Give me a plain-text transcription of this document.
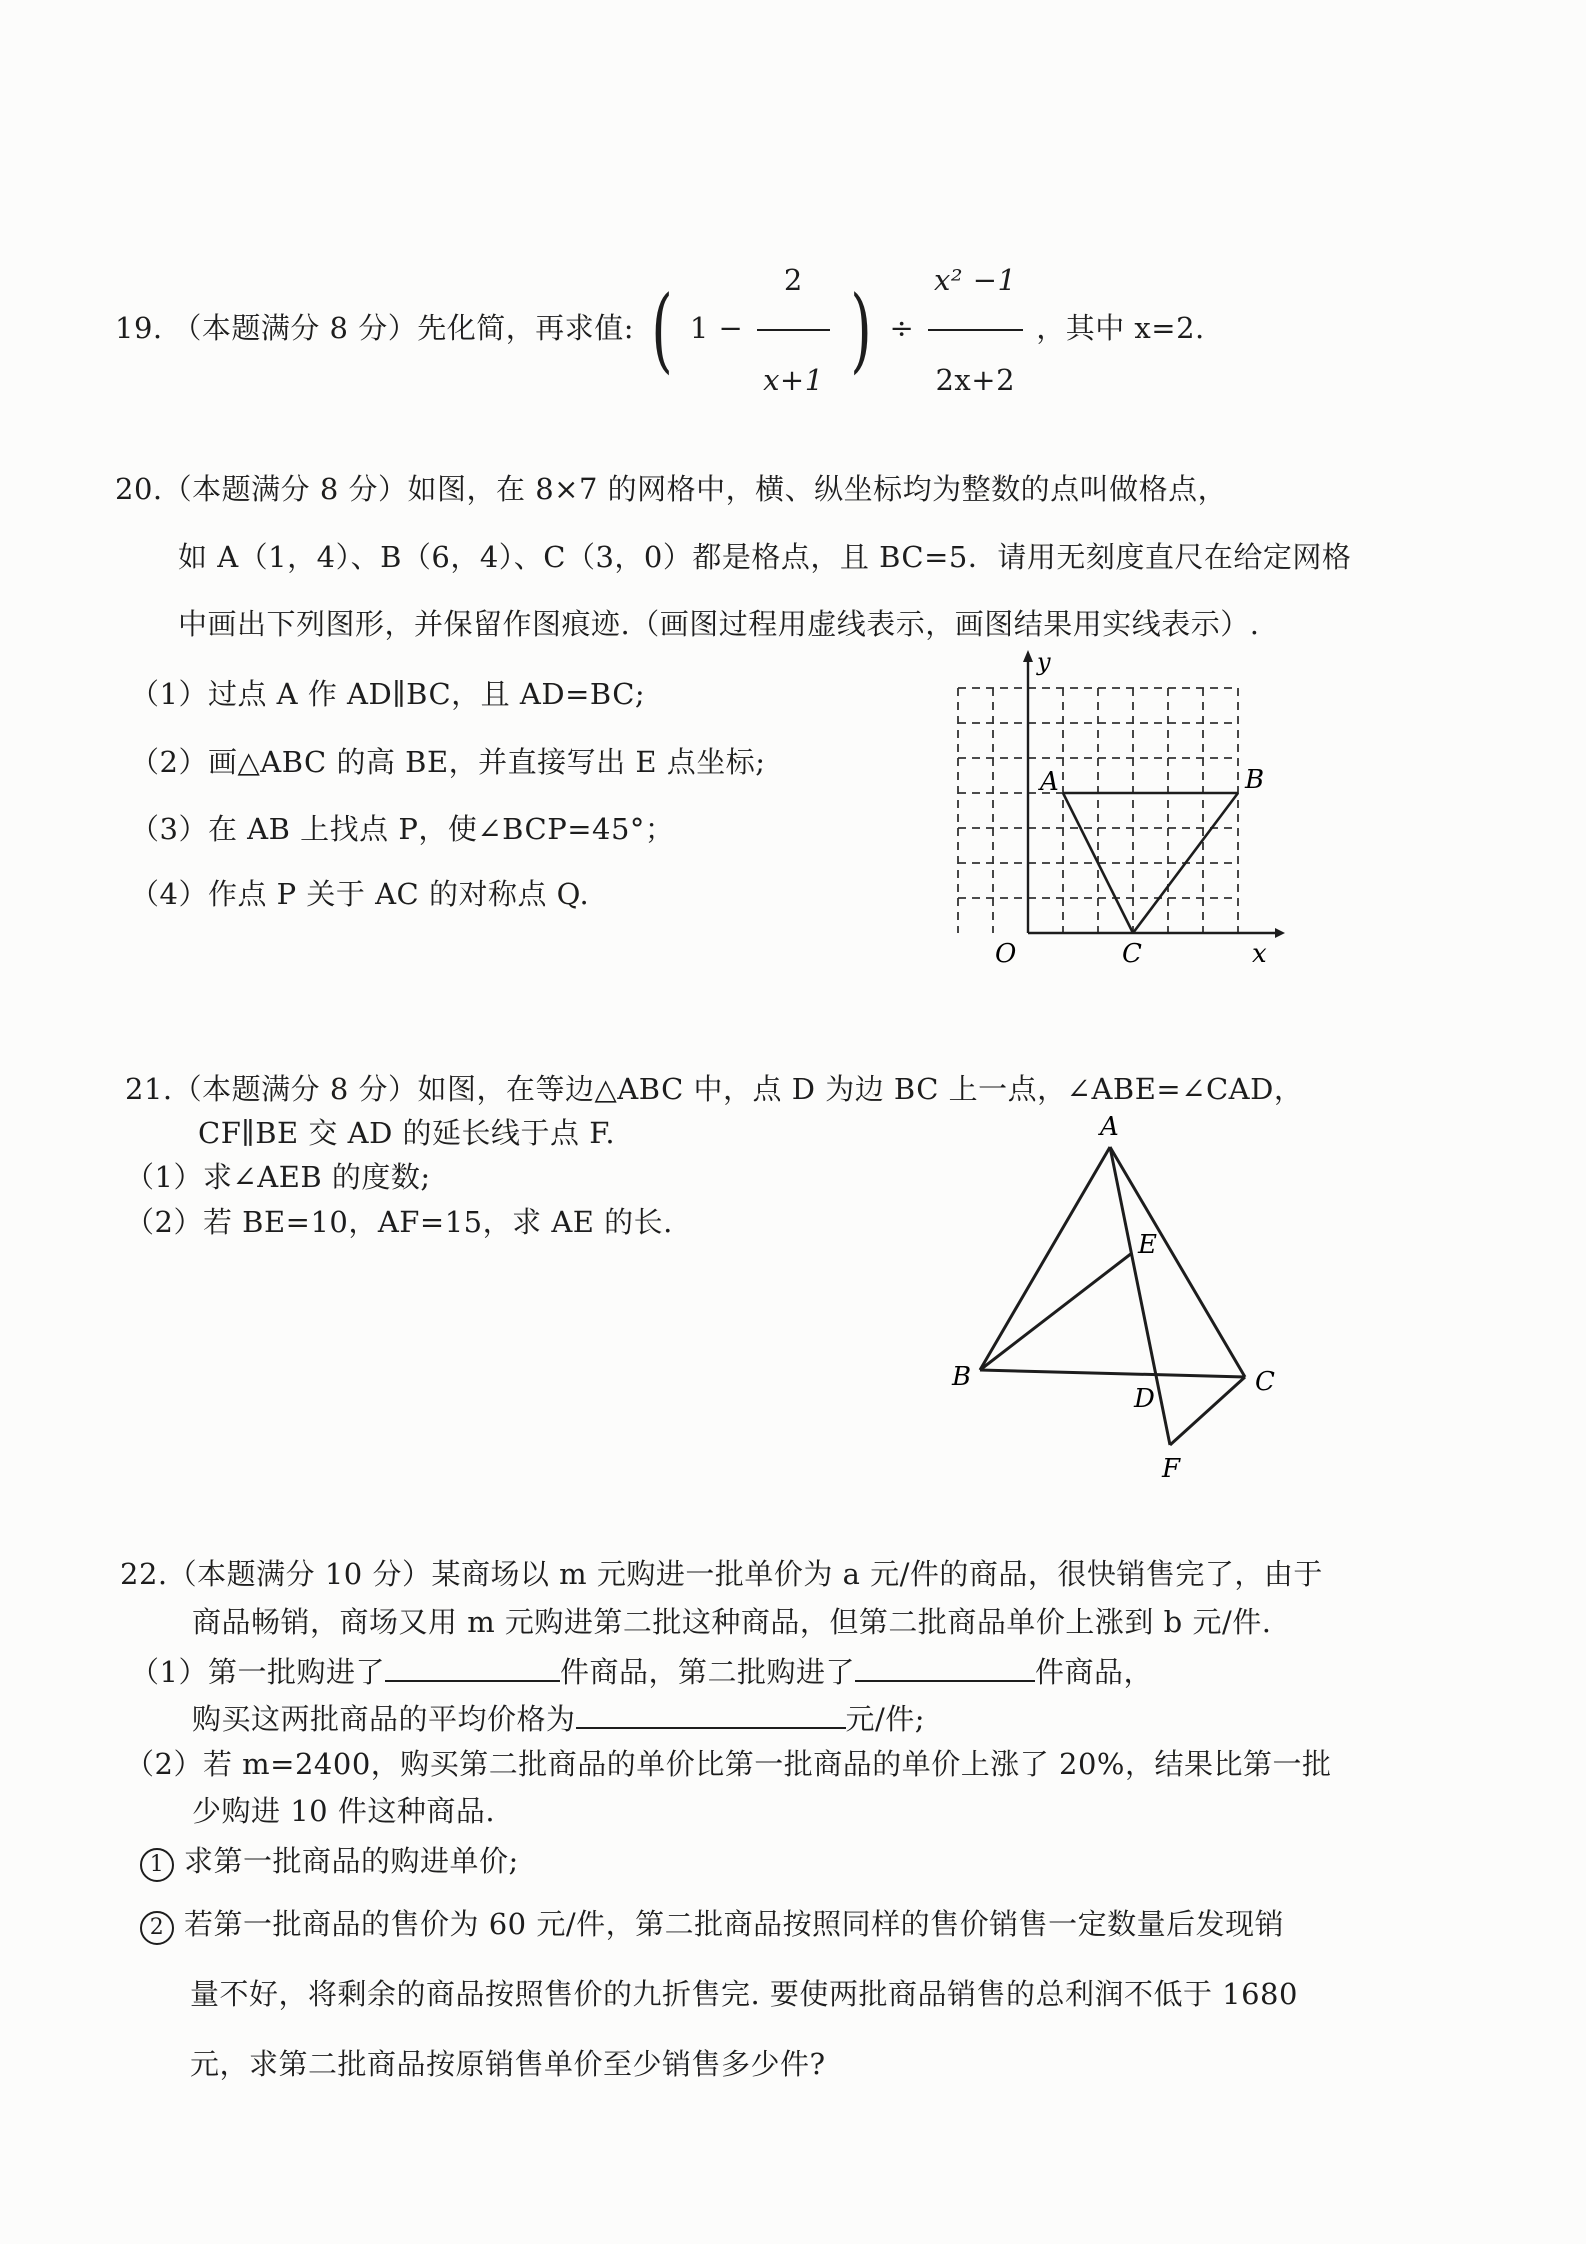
19. （本题满分 8 分）先化简，再求值: ( $1 - \frac{2}{x+1}$ ) ÷ $\frac{\text{x² −1}}{2x+2}$ ，其中 x=2.
20.（本题满分 8 分）如图，在 8×7 的网格中，横、纵坐标均为整数的点叫做格点，
如 A（1，4）、B（6，4）、C（3，0）都是格点，且 BC=5．请用无刻度直尺在给定网格
中画出下列图形，并保留作图痕迹.（画图过程用虚线表示，画图结果用实线表示）.
（1）过点 A 作 AD∥BC，且 AD=BC;
（2）画△ABC 的高 BE，并直接写出 E 点坐标;
（3）在 AB 上找点 P，使∠BCP=45°；
（4）作点 P 关于 AC 的对称点 Q.
y
A	B
C
O	x
21.（本题满分 8 分）如图，在等边△ABC 中，点 D 为边 BC 上一点，∠ABE=∠CAD，
CF∥BE 交 AD 的延长线于点 F.
（1）求∠AEB 的度数;
（2）若 BE=10，AF=15，求 AE 的长.
A
B	C
D
E
F
22.（本题满分 10 分）某商场以 m 元购进一批单价为 a 元/件的商品，很快销售完了，由于
商品畅销，商场又用 m 元购进第二批这种商品，但第二批商品单价上涨到 b 元/件.
（1）第一批购进了	件商品，第二批购进了	件商品，
购买这两批商品的平均价格为	元/件;
（2）若 m=2400，购买第二批商品的单价比第一批商品的单价上涨了 20%，结果比第一批
少购进 10 件这种商品.
1 求第一批商品的购进单价;
2 若第一批商品的售价为 60 元/件，第二批商品按照同样的售价销售一定数量后发现销
量不好，将剩余的商品按照售价的九折售完. 要使两批商品销售的总利润不低于 1680
元，求第二批商品按原销售单价至少销售多少件?
